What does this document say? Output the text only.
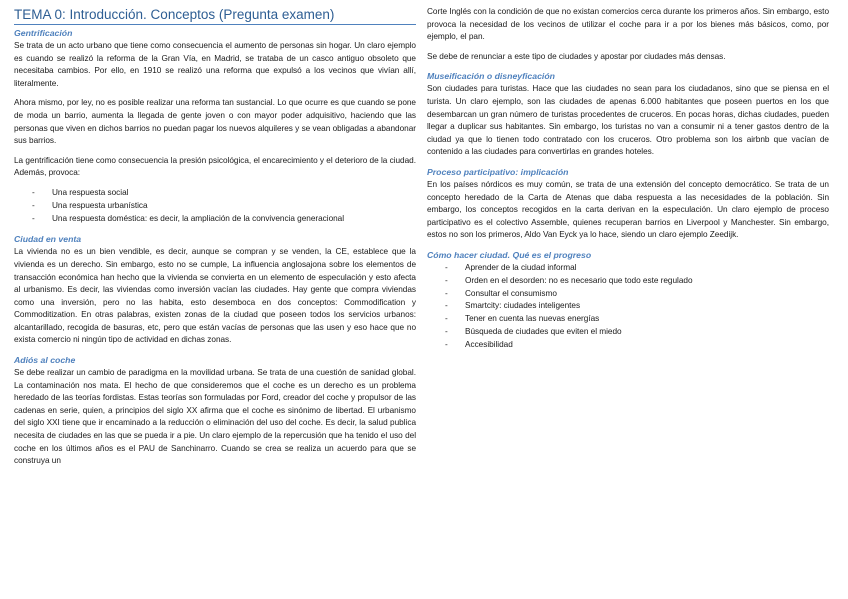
TEMA 0: Introducción. Conceptos (Pregunta examen)
Gentrificación

Se trata de un acto urbano que tiene como consecuencia el aumento de personas sin hogar. Un claro ejemplo es cuando se realizó la reforma de la Gran Vía, en Madrid, se trataba de un casco antiguo obsoleto que necesitaba cambios. Por ello, en 1910 se realizó una reforma que expulsó a los vecinos que vivían allí, literalmente.

Ahora mismo, por ley, no es posible realizar una reforma tan sustancial. Lo que ocurre es que cuando se pone de moda un barrio, aumenta la llegada de gente joven o con mayor poder adquisitivo, haciendo que las personas que viven en dichos barrios no puedan pagar los nuevos alquileres y se vean obligadas a abandonar sus barrios.

La gentrificación tiene como consecuencia la presión psicológica, el encarecimiento y el deterioro de la ciudad. Además, provoca:

- Una respuesta social
- Una respuesta urbanística
- Una respuesta doméstica: es decir, la ampliación de la convivencia generacional
Ciudad en venta

La vivienda no es un bien vendible, es decir, aunque se compran y se venden, la CE, establece que la vivienda es un derecho. Sin embargo, esto no se cumple, La influencia anglosajona sobre los elementos de transacción económica han hecho que la vivienda se convierta en un elemento de especulación y esto afecta al urbanismo. Es decir, las viviendas como inversión vacían las ciudades. Hay gente que compra viviendas como una inversión, pero no las habita, esto desemboca en dos conceptos: Commodification y Commoditization. En otras palabras, existen zonas de la ciudad que poseen todos los servicios urbanos: alcantarillado, recogida de basuras, etc, pero que están vacías de personas que las usen y eso hace que no exista comercio ni ningún tipo de actividad en dichas zonas.

Adiós al coche

Se debe realizar un cambio de paradigma en la movilidad urbana. Se trata de una cuestión de sanidad global. La contaminación nos mata. El hecho de que consideremos que el coche es un derecho es un problema heredado de las teorías fordistas. Estas teorías son formuladas por Ford, creador del coche y propulsor de las cadenas en serie, quien, a principios del siglo XX afirma que el coche es sinónimo de libertad. El urbanismo del siglo XXI tiene que ir encaminado a la reducción o eliminación del uso del coche. Es decir, la salud publica necesita de ciudades en las que se pueda ir a pie. Un claro ejemplo de la repercusión que ha tenido el uso del coche en los últimos años es el PAU de Sanchinarro. Cuando se crea se realiza un acuerdo para que se construya un

Corte Inglés con la condición de que no existan comercios cerca durante los primeros años. Sin embargo, esto provoca la necesidad de los vecinos de utilizar el coche para ir a por los bienes más básicos, como, por ejemplo, el pan.

Se debe de renunciar a este tipo de ciudades y apostar por ciudades más densas.

Museificación o disneyficación

Son ciudades para turistas. Hace que las ciudades no sean para los ciudadanos, sino que se piensa en el turista. Un claro ejemplo, son las ciudades de apenas 6.000 habitantes que poseen puertos en los que desembarcan un gran número de turistas procedentes de cruceros. En pocas horas, dichas ciudades, pueden llegar a duplicar sus habitantes. Sin embargo, los turistas no van a consumir ni a tener gastos dentro de la ciudad ya que lo tienen todo contratado con los cruceros. Otro problema son los airbnb que vacían de contenido a las ciudades para convertirlas en grandes hoteles.

Proceso participativo: implicación

En los países nórdicos es muy común, se trata de una extensión del concepto democrático. Se trata de un concepto heredado de la Carta de Atenas que daba respuesta a las necesidades de la población. Sin embargo, los conceptos recogidos en la carta derivan en la especulación. Un claro ejemplo de proceso participativo es el colectivo Assemble, quienes recuperan barrios en Liverpool y Manchester. Sin embargo, estos no son los primeros, Aldo Van Eyck ya lo hace, siendo un claro ejemplo Zeedijk.

Cómo hacer ciudad. Qué es el progreso
- Aprender de la ciudad informal
- Orden en el desorden: no es necesario que todo este regulado
- Consultar el consumismo
- Smartcity: ciudades inteligentes
- Tener en cuenta las nuevas energías
- Búsqueda de ciudades que eviten el miedo
- Accesibilidad
